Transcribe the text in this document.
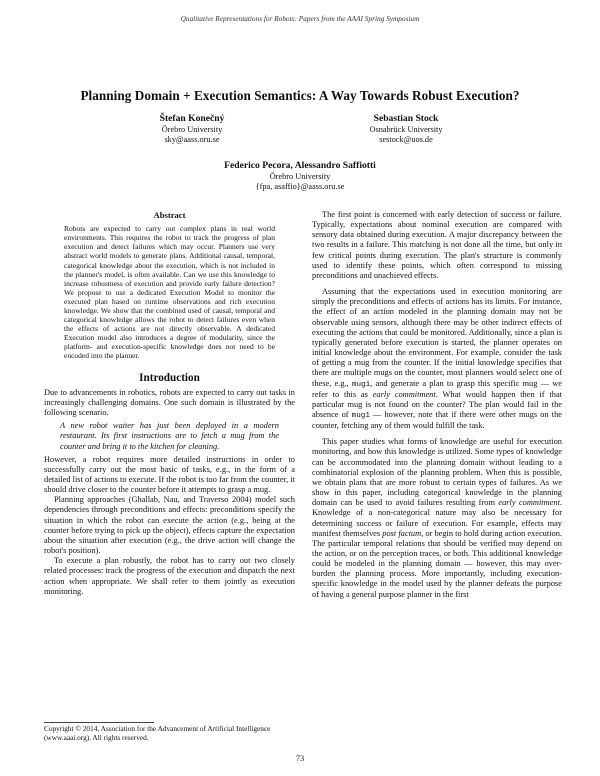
Qualitative Representations for Robots: Papers from the AAAI Spring Symposium
Planning Domain + Execution Semantics: A Way Towards Robust Execution?
Štefan Konečný
Örebro University
sky@aass.oru.se
Sebastian Stock
Osnabrück University
sestock@uos.de
Federico Pecora, Alessandro Saffiotti
Örebro University
{fpa, asaffio}@aass.oru.se
Abstract

Robots are expected to carry out complex plans in real world environments. This requires the robot to track the progress of plan execution and detect failures which may occur. Planners use very abstract world models to generate plans. Additional causal, temporal, categorical knowledge about the execution, which is not included in the planner's model, is often available. Can we use this knowledge to increase robustness of execution and provide early failure detection? We propose to use a dedicated Execution Model to monitor the executed plan based on runtime observations and rich execution knowledge. We show that the combined used of causal, temporal and categorical knowledge allows the robot to detect failures even when the effects of actions are not directly observable. A dedicated Execution model also introduces a degree of modularity, since the platform- and execution-specific knowledge does not need to be encoded into the planner.

Introduction

Due to advancements in robotics, robots are expected to carry out tasks in increasingly challenging domains. One such domain is illustrated by the following scenario.

A new robot waiter has just been deployed in a modern restaurant. Its first instructions are to fetch a mug from the counter and bring it to the kitchen for cleaning.

However, a robot requires more detailed instructions in order to successfully carry out the most basic of tasks, e.g., in the form of a detailed list of actions to execute. If the robot is too far from the counter, it should drive closer to the counter before it attempts to grasp a mug.

Planning approaches (Ghallab, Nau, and Traverso 2004) model such dependencies through preconditions and effects: preconditions specify the situation in which the robot can execute the action (e.g., being at the counter before trying to pick up the object), effects capture the expectation about the situation after execution (e.g., the drive action will change the robot's position).

To execute a plan robustly, the robot has to carry out two closely related processes: track the progress of the execution and dispatch the next action when appropriate. We shall refer to them jointly as execution monitoring.

Copyright © 2014, Association for the Advancement of Artificial Intelligence (www.aaai.org). All rights reserved.

The first point is concerned with early detection of success or failure. Typically, expectations about nominal execution are compared with sensory data obtained during execution. A major discrepancy between the two results in a failure. This matching is not done all the time, but only in few critical points during execution. The plan's structure is commonly used to identify these points, which often correspond to missing preconditions and unachieved effects.

Assuming that the expectations used in execution monitoring are simply the preconditions and effects of actions has its limits. For instance, the effect of an action modeled in the planning domain may not be observable using sensors, although there may be other indirect effects of executing the actions that could be monitored. Additionally, since a plan is typically generated before execution is started, the planner operates on initial knowledge about the environment. For example, consider the task of getting a mug from the counter. If the initial knowledge specifies that there are multiple mugs on the counter, most planners would select one of these, e.g., mug1, and generate a plan to grasp this specific mug — we refer to this as early commitment. What would happen then if that particular mug is not found on the counter? The plan would fail in the absence of mug1 — however, note that if there were other mugs on the counter, fetching any of them would fulfill the task.

This paper studies what forms of knowledge are useful for execution monitoring, and how this knowledge is utilized. Some types of knowledge can be accommodated into the planning domain without leading to a combinatorial explosion of the planning problem. When this is possible, we obtain plans that are more robust to certain types of failures. As we show in this paper, including categorical knowledge in the planning domain can be used to avoid failures resulting from early commitment. Knowledge of a non-categorical nature may also be necessary for determining success or failure of execution. For example, effects may manifest themselves post factum, or begin to hold during action execution. The particular temporal relations that should be verified may depend on the action, or on the perception traces, or both. This additional knowledge could be modeled in the planning domain — however, this may over-burden the planning process. More importantly, including execution-specific knowledge in the model used by the planner defeats the purpose of having a general purpose planner in the first

73
